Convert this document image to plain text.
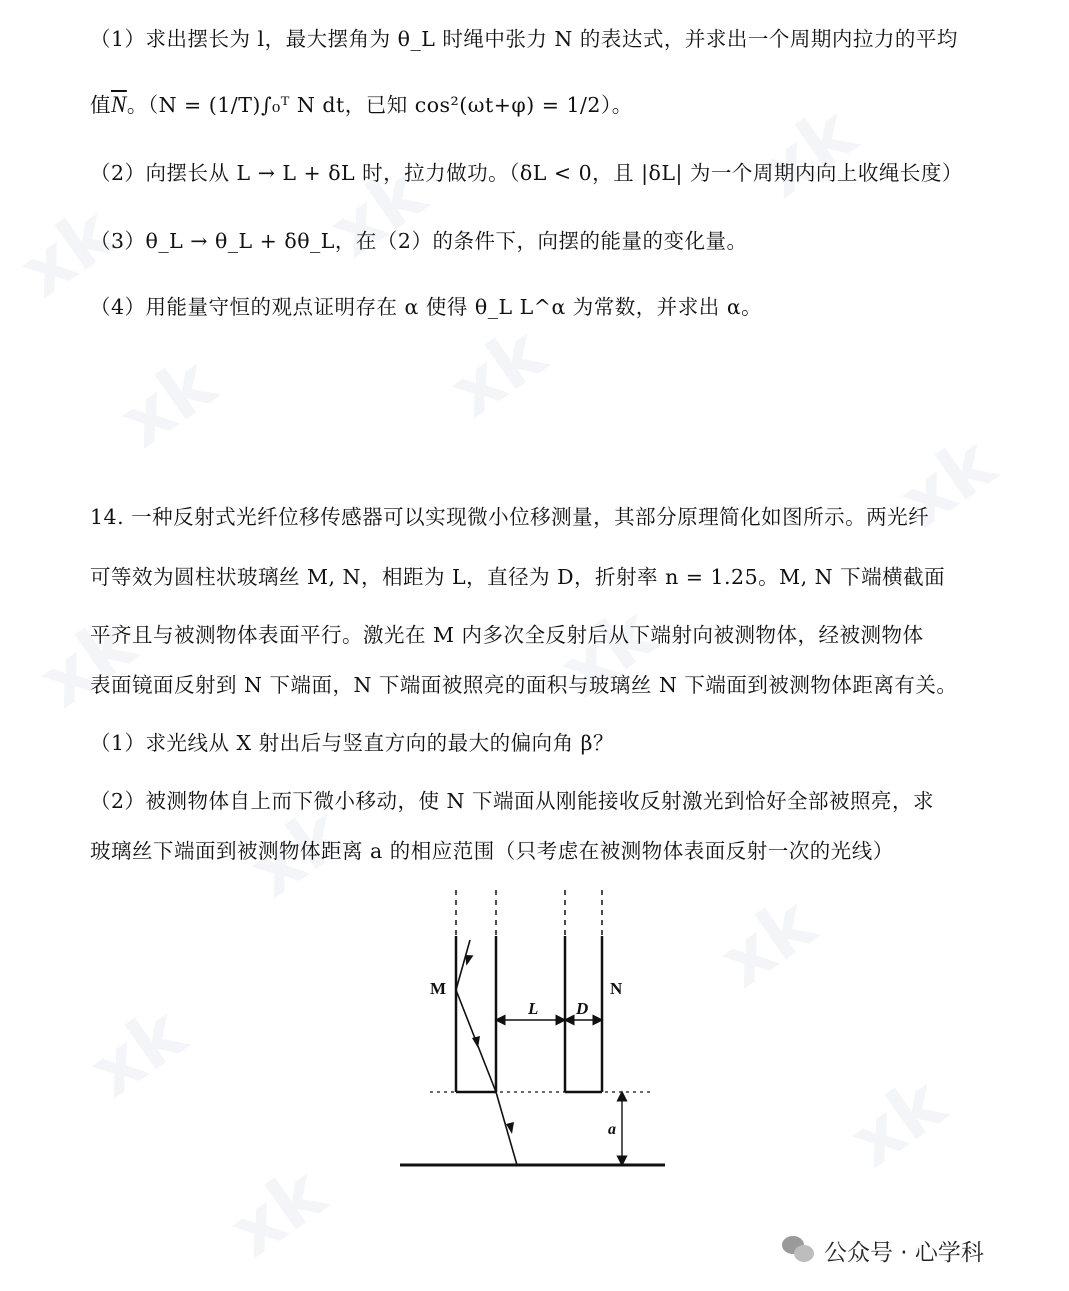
xk	xk	xk
xk	xk
xk
xk	xk
xk
xk
xk
xk
xk
（1）求出摆长为 l，最大摆角为 θ_L 时绳中张力 N 的表达式，并求出一个周期内拉力的平均
值$\overline{N}$。（N = (1/T)∫₀ᵀ N dt，已知 cos²(ωt+φ) = 1/2）。
（2）向摆长从 L → L + δL 时，拉力做功。（δL < 0，且 |δL| 为一个周期内向上收绳长度）
（3）θ_L → θ_L + δθ_L，在（2）的条件下，向摆的能量的变化量。
（4）用能量守恒的观点证明存在 α 使得 θ_L L^α 为常数，并求出 α。
14. 一种反射式光纤位移传感器可以实现微小位移测量，其部分原理简化如图所示。两光纤
可等效为圆柱状玻璃丝 M, N，相距为 L，直径为 D，折射率 n = 1.25。M, N 下端横截面
平齐且与被测物体表面平行。激光在 M 内多次全反射后从下端射向被测物体，经被测物体
表面镜面反射到 N 下端面，N 下端面被照亮的面积与玻璃丝 N 下端面到被测物体距离有关。
（1）求光线从 X 射出后与竖直方向的最大的偏向角 β？
（2）被测物体自上而下微小移动，使 N 下端面从刚能接收反射激光到恰好全部被照亮，求
玻璃丝下端面到被测物体距离 a 的相应范围（只考虑在被测物体表面反射一次的光线）
M	N
L D
a
公众号 · 心学科
